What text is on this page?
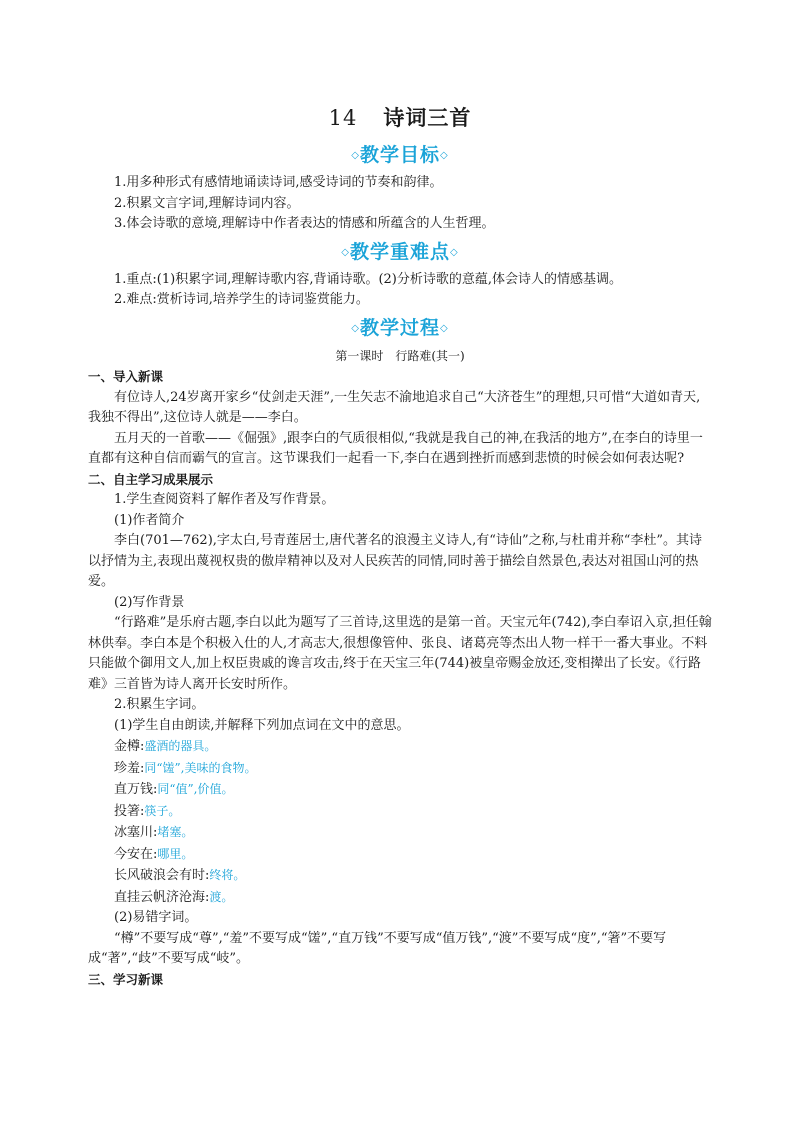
14 诗词三首
◇教学目标◇

1.用多种形式有感情地诵读诗词,感受诗词的节奏和韵律。

2.积累文言字词,理解诗词内容。

3.体会诗歌的意境,理解诗中作者表达的情感和所蕴含的人生哲理。

◇教学重难点◇

1.重点:(1)积累字词,理解诗歌内容,背诵诗歌。(2)分析诗歌的意蕴,体会诗人的情感基调。

2.难点:赏析诗词,培养学生的诗词鉴赏能力。

◇教学过程◇
第一课时　行路难(其一)

一、导入新课

有位诗人,24岁离开家乡“仗剑走天涯”,一生矢志不渝地追求自己“大济苍生”的理想,只可惜“大道如青天,我独不得出”,这位诗人就是——李白。

五月天的一首歌——《倔强》,跟李白的气质很相似,“我就是我自己的神,在我活的地方”,在李白的诗里一直都有这种自信而霸气的宣言。这节课我们一起看一下,李白在遇到挫折而感到悲愤的时候会如何表达呢?

二、自主学习成果展示

1.学生查阅资料了解作者及写作背景。

(1)作者简介

李白(701—762),字太白,号青莲居士,唐代著名的浪漫主义诗人,有“诗仙”之称,与杜甫并称“李杜”。其诗以抒情为主,表现出蔑视权贵的傲岸精神以及对人民疾苦的同情,同时善于描绘自然景色,表达对祖国山河的热爱。

(2)写作背景

“行路难”是乐府古题,李白以此为题写了三首诗,这里选的是第一首。天宝元年(742),李白奉诏入京,担任翰林供奉。李白本是个积极入仕的人,才高志大,很想像管仲、张良、诸葛亮等杰出人物一样干一番大事业。不料只能做个御用文人,加上权臣贵戚的谗言攻击,终于在天宝三年(744)被皇帝赐金放还,变相撵出了长安。《行路难》三首皆为诗人离开长安时所作。

2.积累生字词。

(1)学生自由朗读,并解释下列加点词在文中的意思。

金樽:盛酒的器具。

珍羞:同“馐”,美味的食物。

直万钱:同“值”,价值。

投箸:筷子。

冰塞川:堵塞。

今安在:哪里。

长风破浪会有时:终将。

直挂云帆济沧海:渡。

(2)易错字词。

“樽”不要写成“尊”,“羞”不要写成“馐”,“直万钱”不要写成“值万钱”,“渡”不要写成“度”,“箸”不要写成“著”,“歧”不要写成“岐”。

三、学习新课
